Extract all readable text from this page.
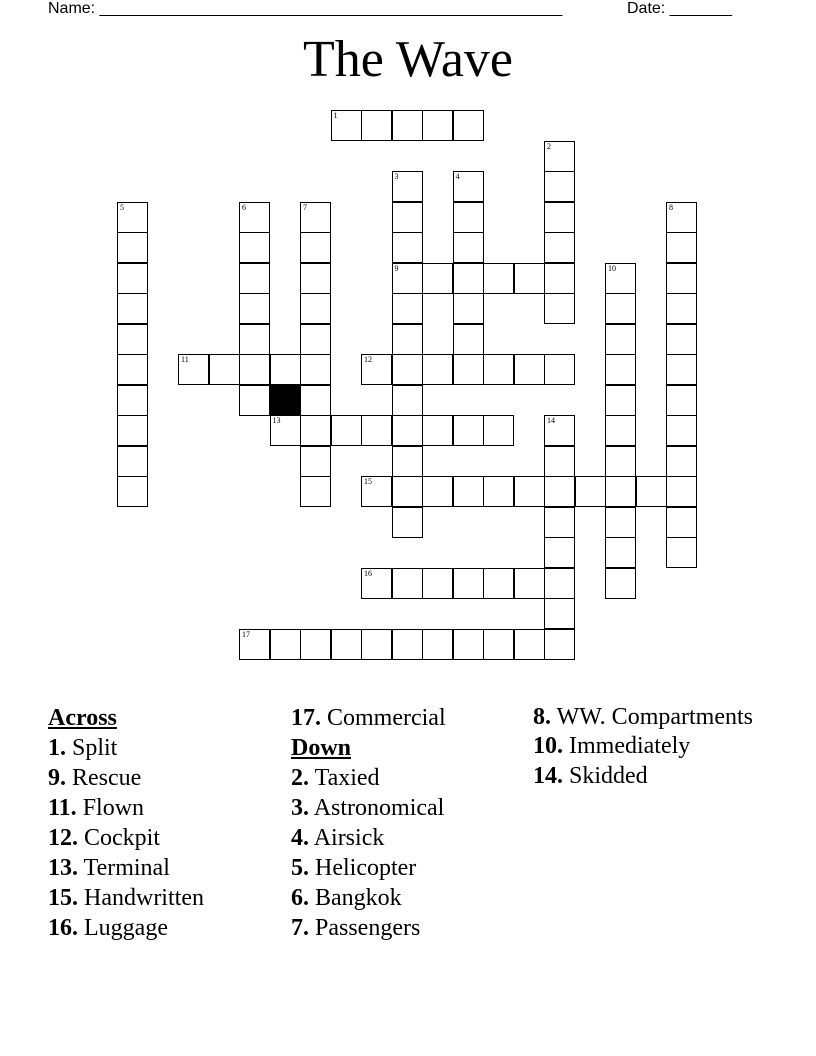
Name: ____________________________________________________	Date: _______
The Wave
1
2
3
9
4
5	6	7	8
10
11	12
13	14
15
16
17
Across
1. Split
9. Rescue
11. Flown
12. Cockpit
13. Terminal
15. Handwritten
16. Luggage
17. Commercial
Down
2. Taxied
3. Astronomical
4. Airsick
5. Helicopter
6. Bangkok
7. Passengers
8. WW. Compartments
10. Immediately
14. Skidded
